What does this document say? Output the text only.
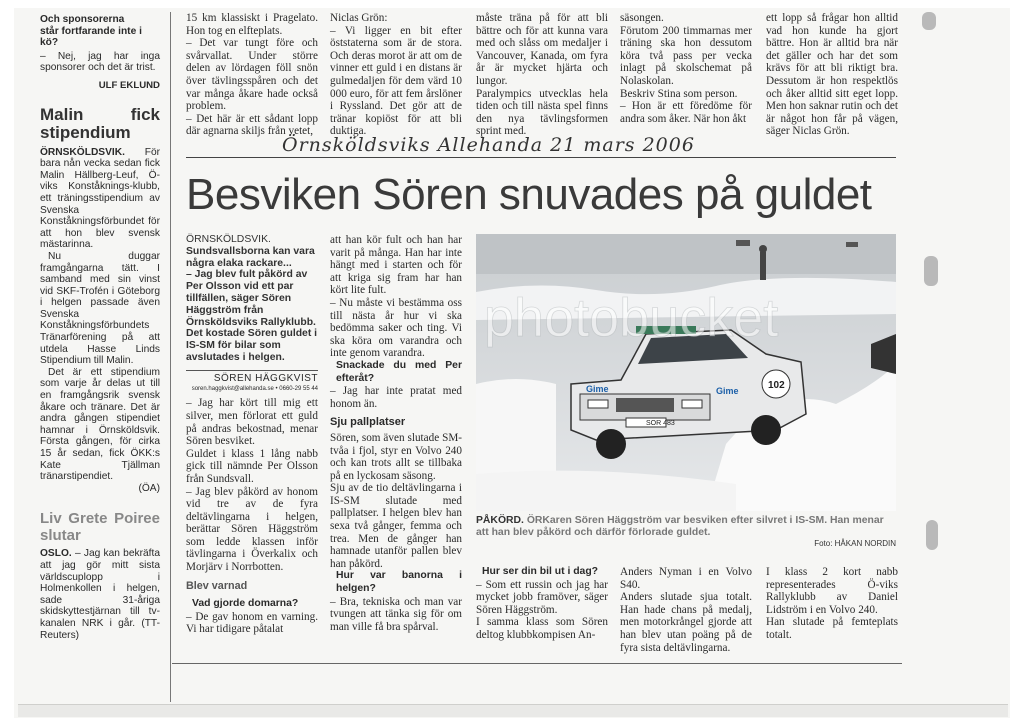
Och sponsorerna
står fortfarande inte i
kö?

– Nej, jag har inga sponsorer och det är trist.

ULF EKLUND

Malin fick stipendium

ÖRNSKÖLDSVIK. För bara nån vecka sedan fick Malin Hällberg-Leuf, Ö-viks Konståknings-klubb, ett träningsstipendium av Svenska Konståkningsförbundet för att hon blev svensk mästarinna.

Nu duggar framgångarna tätt. I samband med sin vinst vid SKF-Trofén i Göteborg i helgen passade även Svenska Konståkningsförbundets Tränarförening på att utdela Hasse Linds Stipendium till Malin.

Det är ett stipendium som varje år delas ut till en framgångsrik svensk åkare och tränare. Det är andra gången stipendiet hamnar i Örnsköldsvik. Första gången, för cirka 15 år sedan, fick ÖKK:s Kate Tjällman tränarstipendiet.

(ÖA)

Liv Grete Poiree slutar

OSLO. – Jag kan bekräfta att jag gör mitt sista världscuplopp i Holmenkollen i helgen, sade 31-åriga skidskyttestjärnan till tv-kanalen NRK i går. (TT-Reuters)

15 km klassiskt i Pragelato. Hon tog en elfteplats.
– Det var tungt före och svårvallat. Under större delen av lördagen föll snön över tävlingsspåren och det var många åkare hade också problem.
– Det här är ett sådant lopp där agnarna skiljs från vetet,
Niclas Grön:
– Vi ligger en bit efter öststaterna som är de stora. Och deras morot är att om de vinner ett guld i en distans är gulmedaljen för dem värd 10 000 euro, för att fem årslöner i Ryssland. Det gör att de tränar kopiöst för att bli duktiga.
måste träna på för att bli bättre och för att kunna vara med och slåss om medaljer i Vancouver, Kanada, om fyra år är mycket hjärta och lungor.
Paralympics utvecklas hela tiden och till nästa spel finns den nya tävlingsformen sprint med.
säsongen.
Förutom 200 timmarnas mer träning ska hon dessutom köra två pass per vecka inlagt på skolschemat på Nolaskolan.
Beskriv Stina som person.
– Hon är ett föredöme för andra som åker. När hon åkt
ett lopp så frågar hon alltid vad hon kunde ha gjort bättre. Hon är alltid bra när det gäller och har det som krävs för att bli riktigt bra. Dessutom är hon respektlös och åker alltid sitt eget lopp. Men hon saknar rutin och det är något hon får på vägen, säger Niclas Grön.
Örnsköldsviks Allehanda 21 mars 2006
Besviken Sören snuvades på guldet

ÖRNSKÖLDSVIK. Sundsvallsborna kan vara några elaka rackare...
– Jag blev fult påkörd av Per Olsson vid ett par tillfällen, säger Sören Häggström från Örnsköldsviks Rallyklubb.
Det kostade Sören guldet i IS-SM för bilar som avslutades i helgen.

SÖREN HÄGGKVIST

soren.haggkvist@allehanda.se • 0660-29 55 44

– Jag har kört till mig ett silver, men förlorat ett guld på andras bekostnad, menar Sören besviket.
Guldet i klass 1 lång nabb gick till nämnde Per Olsson från Sundsvall.
– Jag blev påkörd av honom vid tre av de fyra deltävlingarna i helgen, berättar Sören Häggström som ledde klassen inför tävlingarna i Överkalix och Morjärv i Norrbotten.

Blev varnad

Vad gjorde domarna?

– De gav honom en varning. Vi har tidigare påtalat

att han kör fult och han har varit på många. Han har inte hängt med i starten och för att kriga sig fram har han kört lite fult.
– Nu måste vi bestämma oss till nästa år hur vi ska bedömma saker och ting. Vi ska köra om varandra och inte genom varandra.

Snackade du med Per efteråt?

– Jag har inte pratat med honom än.

Sju pallplatser

Sören, som även slutade SM-tvåa i fjol, styr en Volvo 240 och kan trots allt se tillbaka på en lyckosam säsong.
Sju av de tio deltävlingarna i IS-SM slutade med pallplatser. I helgen blev han sexa två gånger, femma och trea. Men de gånger han hamnade utanför pallen blev han påkörd.

Hur var banorna i helgen?

– Bra, tekniska och man var tvungen att tänka sig för om man ville få bra spårval.

SOR 483
Gime	Gime	102
photobucket
PÅKÖRD. ÖRKaren Sören Häggström var besviken efter silvret i IS-SM. Han menar att han blev påkörd och därför förlorade guldet.
Foto: HÅKAN NORDIN

Hur ser din bil ut i dag?

– Som ett russin och jag har mycket jobb framöver, säger Sören Häggström.
I samma klass som Sören deltog klubbkompisen An-

Anders Nyman i en Volvo S40.
Anders slutade sjua totalt. Han hade chans på medalj, men motorkrångel gjorde att han blev utan poäng på de fyra sista deltävlingarna.
I klass 2 kort nabb representerades Ö-viks Rallyklubb av Daniel Lidström i en Volvo 240.
Han slutade på femteplats totalt.
